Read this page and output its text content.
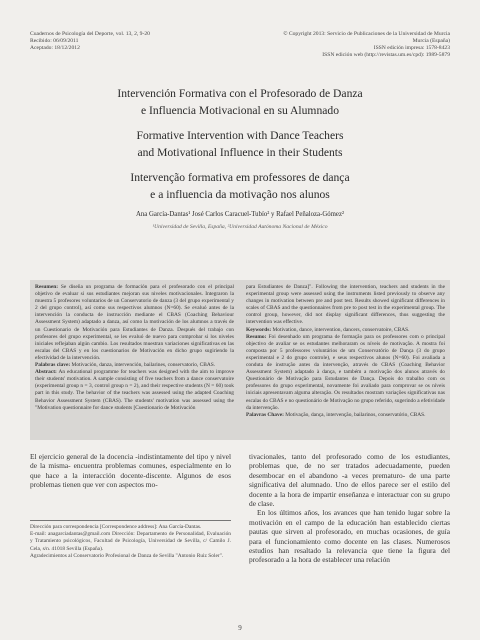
Cuadernos de Psicología del Deporte, vol. 13, 2, 9-20
Recibido: 06/09/2011
Aceptado: 18/12/2012
© Copyright 2013: Servicio de Publicaciones de la Universidad de Murcia
Murcia (España)
ISSN edición impresa: 1578-8423
ISSN edición web (http://revistas.um.es/cpd): 1989-5879
Intervención Formativa con el Profesorado de Danza
e Influencia Motivacional en su Alumnado
Formative Intervention with Dance Teachers
and Motivational Influence in their Students
Intervenção formativa em professores de dança
e a influencia da motivação nos alunos
Ana García-Dantas¹ José Carlos Caracuel-Tubío² y Rafael Peñaloza-Gómez²
¹Universidad de Sevilla, España, ²Universidad Autónoma Nacional de México

Resumen: Se diseña un programa de formación para el profesorado con el principal objetivo de evaluar si sus estudiantes mejoran sus niveles motivacionales. Integraron la muestra 5 profesores voluntarios de un Conservatorio de danza (3 del grupo experimental y 2 del grupo control), así como sus respectivos alumnos (N=60). Se evaluó antes de la intervención la conducta de instrucción mediante el CBAS (Coaching Behaviour Assessment System) adaptado a danza, así como la motivación de los alumnos a través de un Cuestionario de Motivación para Estudiantes de Danza. Después del trabajo con profesores del grupo experimental, se les evaluó de nuevo para comprobar si los niveles iniciales reflejaban algún cambio. Los resultados muestran variaciones significativas en las escalas del CBAS y en los cuestionarios de Motivación en dicho grupo sugiriendo la efectividad de la intervención.

Palabras clave: Motivación, danza, intervención, bailarines, conservatorio, CBAS.

Abstract: An educational programme for teachers was designed with the aim to improve their students' motivation. A sample consisting of five teachers from a dance conservatoire (experimental group n = 3, control group n = 2), and their respective students (N = 60) took part in this study. The behavior of the teachers was assessed using the adapted Coaching Behavior Assessment System (CBAS). The students' motivation was assessed using the "Motivation questionnaire for dance students [Cuestionario de Motivación

para Estudiantes de Danza]". Following the intervention, teachers and students in the experimental group were assessed using the instruments listed previously to observe any changes in motivation between pre and post test. Results showed significant differences in scales of CBAS and the questionnaires from pre to post test in the experimental group. The control group, however, did not display significant differences, thus suggesting the intervention was effective.

Keywords: Motivation, dance, intervention, dancers, conservatoire, CBAS.

Resumo: Foi desenhado um programa de formação para os professores com o principal objectivo de avaliar se os estudantes melhoraram os níveis de motivação. A mostra foi composta por 5 professores voluntários de um Conservatório de Dança (3 do grupo experimental e 2 do grupo controle), e seus respectivos alunos (N=60). Foi avaliada a conduta de instrução antes da intervenção, através do CBAS (Coaching Behavior Assessment System) adaptado à dança, e também a motivação dos alunos através do Questionário de Motivação para Estudantes de Dança. Depois do trabalho com os professores do grupo experimental, novamente foi avaliado para comprovar se os níveis iniciais apresentavam alguma alteração. Os resultados mostram variações significativas nas escalas do CBAS e no questionário de Motivação no grupo referido, sugerindo a efetividade da intervenção.

Palavras Chave: Motivação, dança, intervenção, bailarinos, conservatório, CBAS.

El ejercicio general de la docencia -indistintamente del tipo y nivel de la misma- encuentra problemas comunes, especialmente en lo que hace a la interacción docente-discente. Algunos de esos problemas tienen que ver con aspectos mo-

tivacionales, tanto del profesorado como de los estudiantes, problemas que, de no ser tratados adecuadamente, pueden desembocar en el abandono -a veces prematuro- de una parte significativa del alumnado. Uno de ellos parece ser el estilo del docente a la hora de impartir enseñanza e interactuar con su grupo de clase.

En los últimos años, los avances que han tenido lugar sobre la motivación en el campo de la educación han establecido ciertas pautas que sirven al profesorado, en muchas ocasiones, de guía para el funcionamiento como docente en las clases. Numerosos estudios han resaltado la relevancia que tiene la figura del profesorado a la hora de establecer una relación

Dirección para correspondencia [Correspondence address]: Ana García-Dantas.

E-mail: anagarciadantas@gmail.com Dirección: Departamento de Personalidad, Evaluación y Tratamiento psicológicos, Facultad de Psicología, Universidad de Sevilla, c/ Camilo J. Cela, s/n. 41018 Sevilla (España).

Agradecimientos al Conservatorio Profesional de Danza de Sevilla "Antonio Ruiz Soler".

9
